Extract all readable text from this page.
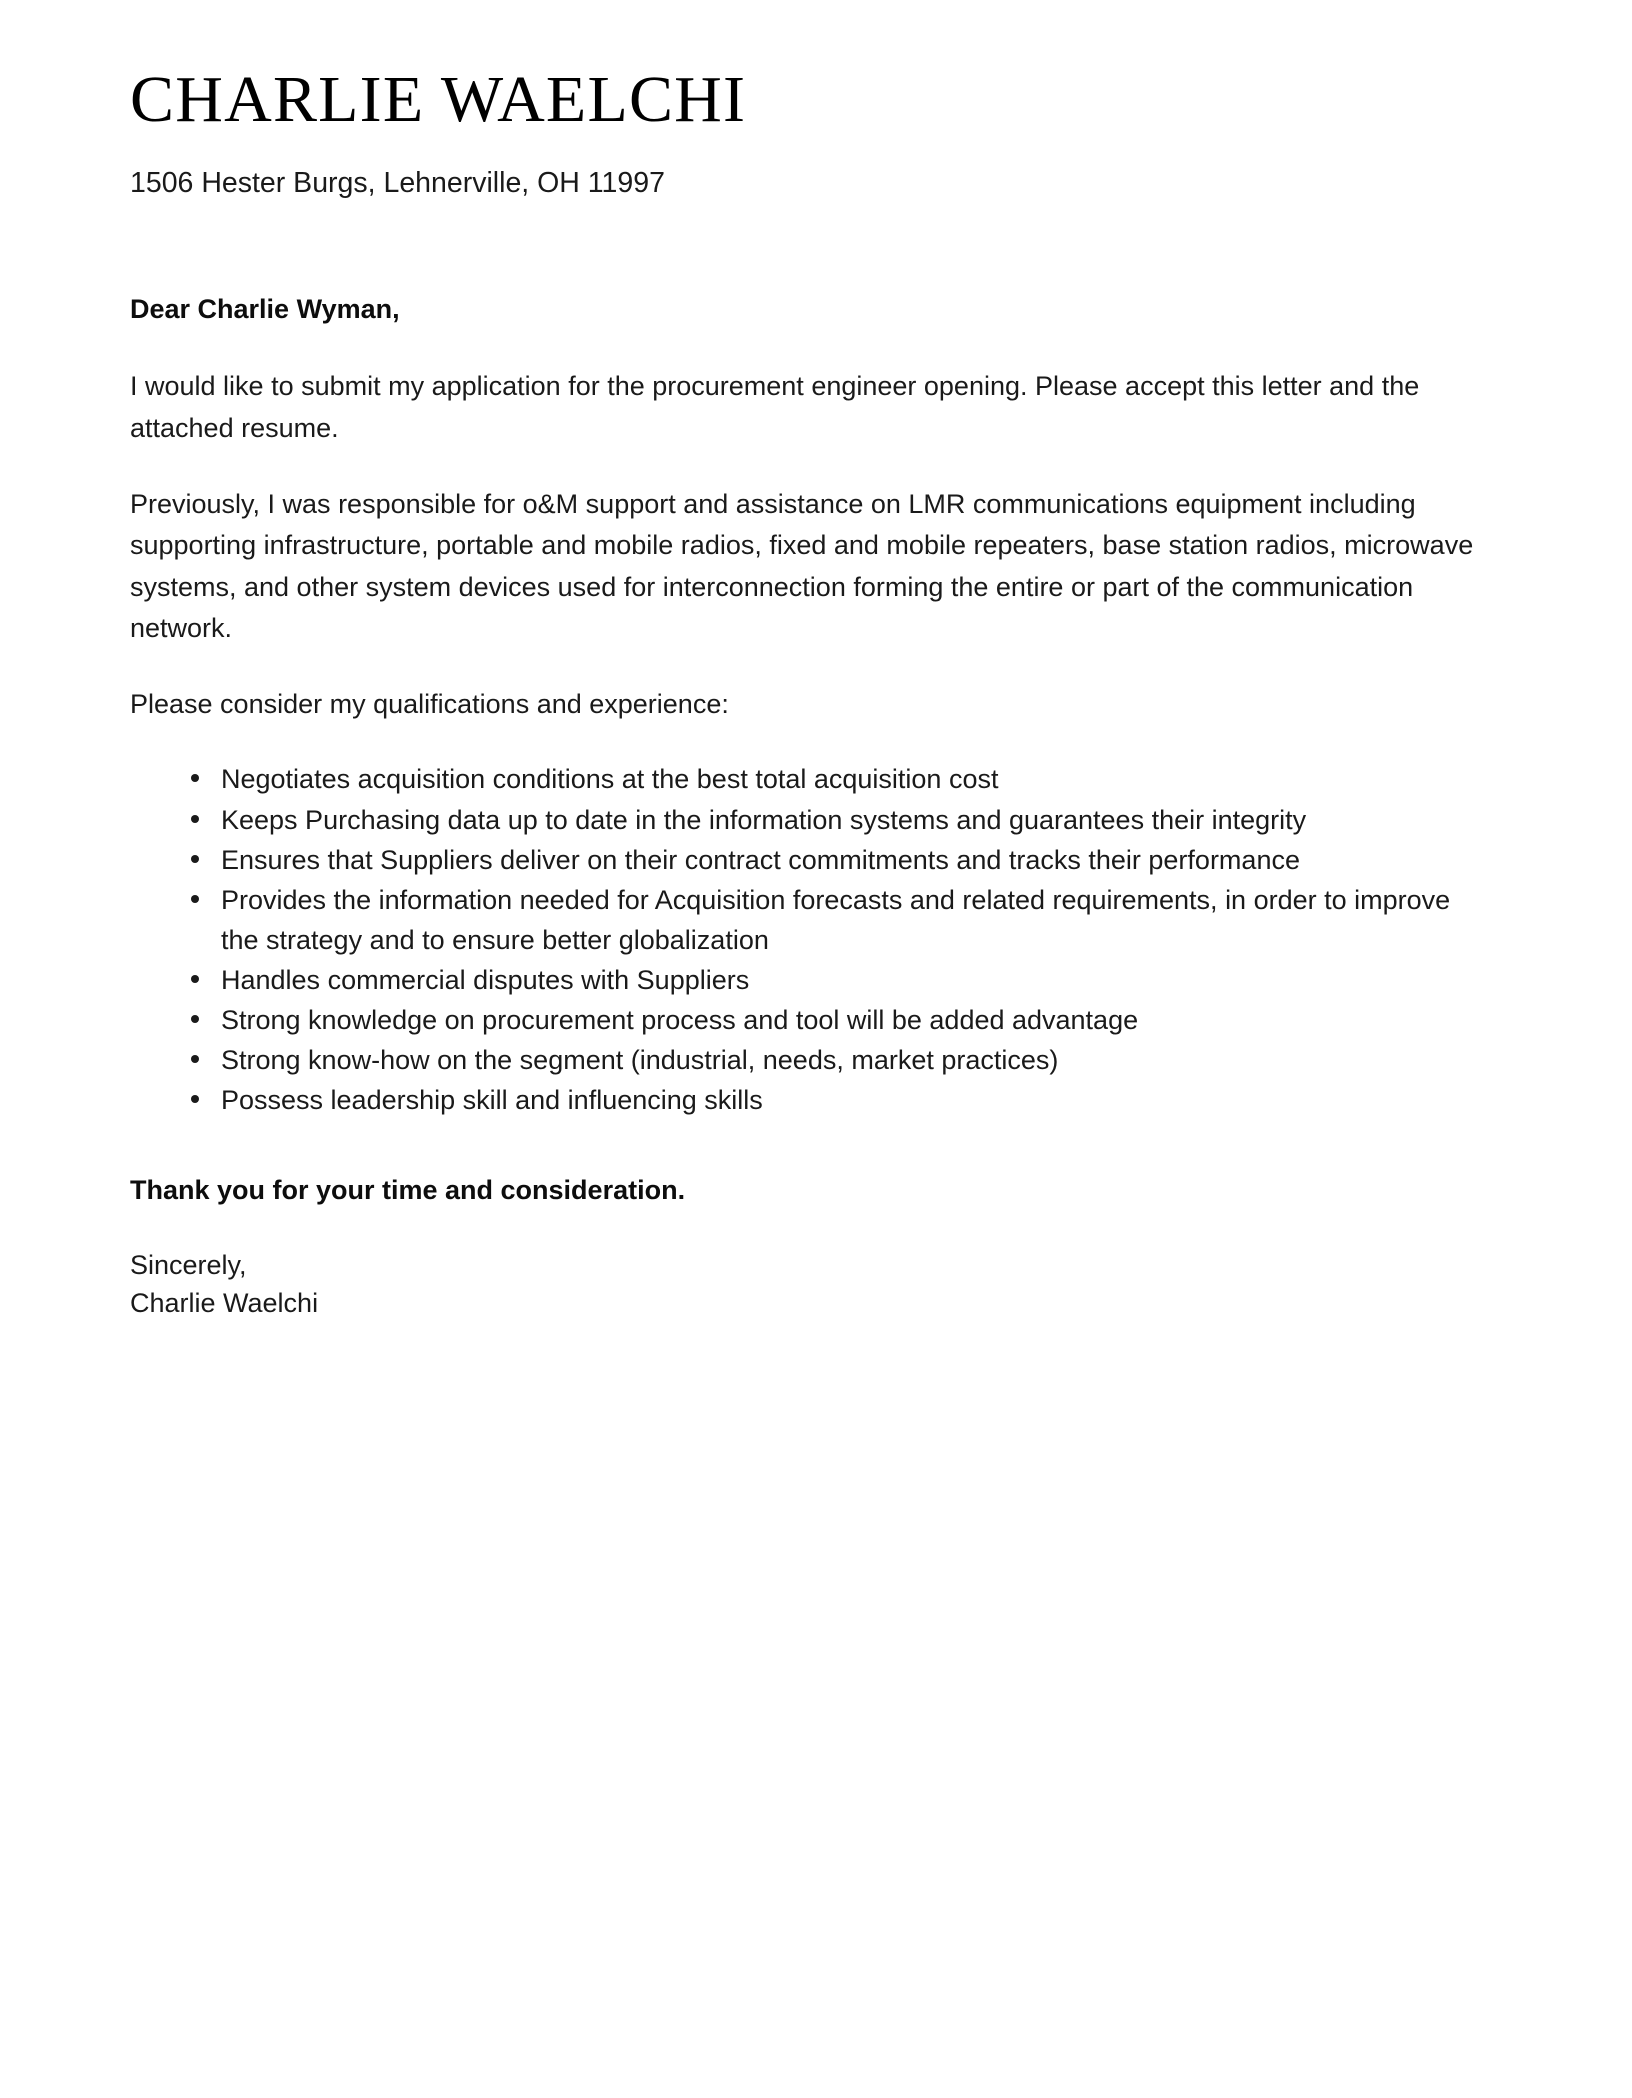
CHARLIE WAELCHI

1506 Hester Burgs, Lehnerville, OH 11997

Dear Charlie Wyman,

I would like to submit my application for the procurement engineer opening. Please accept this letter and the attached resume.

Previously, I was responsible for o&M support and assistance on LMR communications equipment including supporting infrastructure, portable and mobile radios, fixed and mobile repeaters, base station radios, microwave systems, and other system devices used for interconnection forming the entire or part of the communication network.

Please consider my qualifications and experience:

Negotiates acquisition conditions at the best total acquisition cost
Keeps Purchasing data up to date in the information systems and guarantees their integrity
Ensures that Suppliers deliver on their contract commitments and tracks their performance
Provides the information needed for Acquisition forecasts and related requirements, in order to improve the strategy and to ensure better globalization
Handles commercial disputes with Suppliers
Strong knowledge on procurement process and tool will be added advantage
Strong know-how on the segment (industrial, needs, market practices)
Possess leadership skill and influencing skills

Thank you for your time and consideration.

Sincerely,
Charlie Waelchi
